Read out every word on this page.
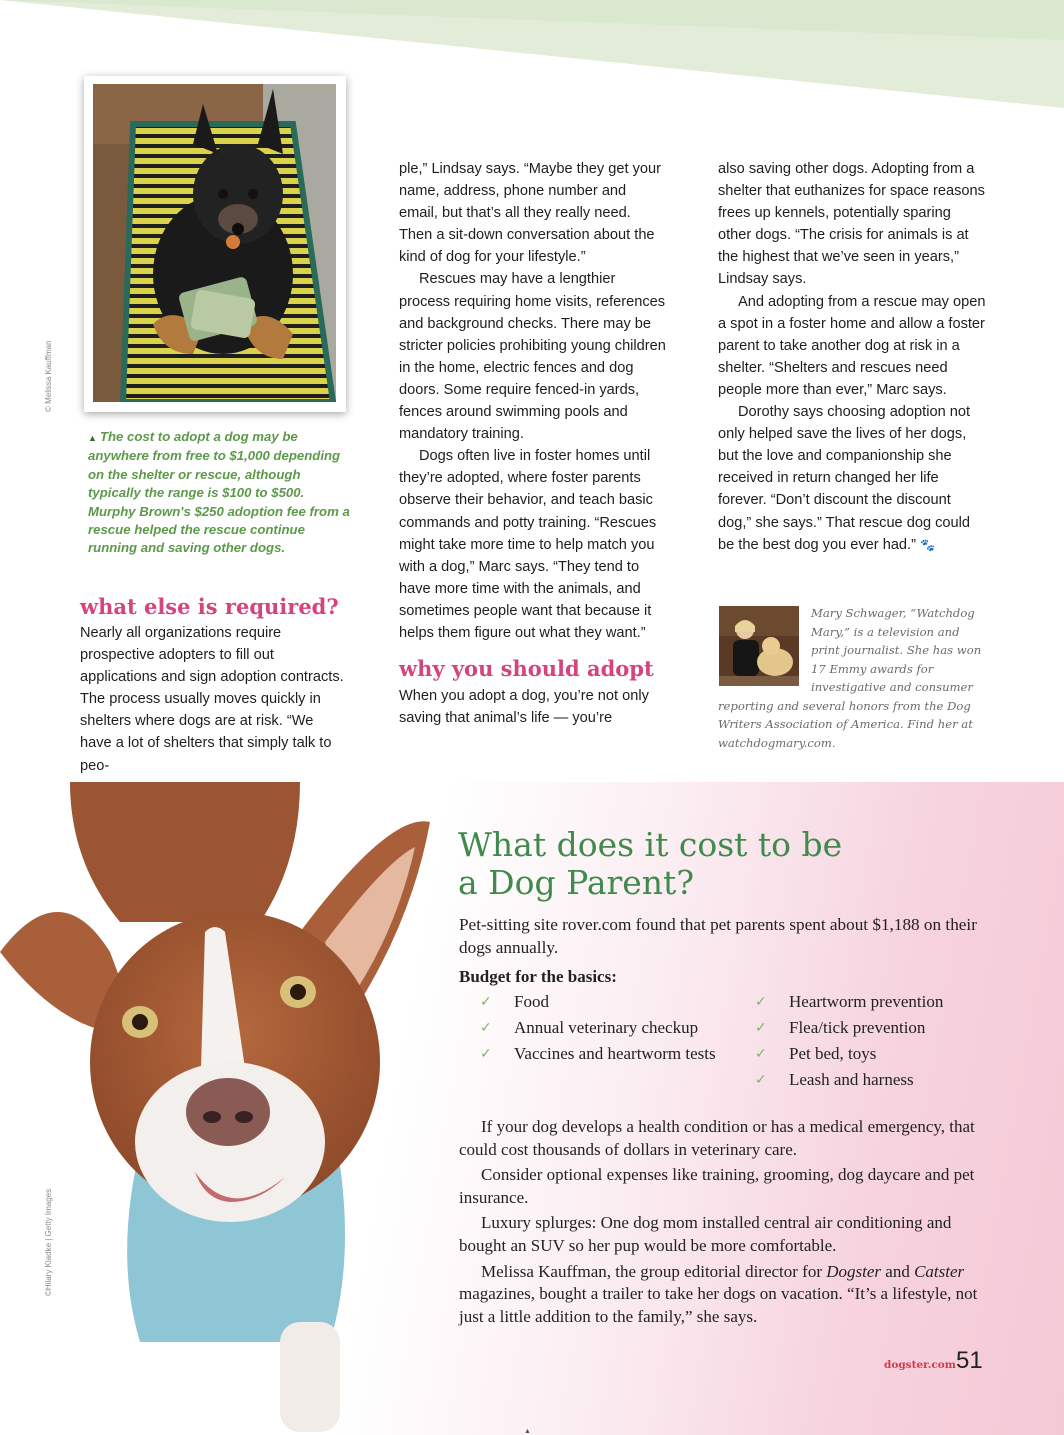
© Melissa Kauffman
▲ The cost to adopt a dog may be anywhere from free to $1,000 depending on the shelter or rescue, although typically the range is $100 to $500. Murphy Brown's $250 adoption fee from a rescue helped the rescue continue running and saving other dogs.
what else is required?

Nearly all organizations require prospective adopters to fill out applications and sign adoption contracts. The process usually moves quickly in shelters where dogs are at risk. “We have a lot of shelters that simply talk to peo-

ple,” Lindsay says. “Maybe they get your name, address, phone number and email, but that’s all they really need. Then a sit-down conversation about the kind of dog for your lifestyle.”

Rescues may have a lengthier process requiring home visits, references and background checks. There may be stricter policies prohibiting young children in the home, electric fences and dog doors. Some require fenced-in yards, fences around swimming pools and mandatory training.

Dogs often live in foster homes until they’re adopted, where foster parents observe their behavior, and teach basic commands and potty training. “Rescues might take more time to help match you with a dog,” Marc says. “They tend to have more time with the animals, and sometimes people want that because it helps them figure out what they want.”

why you should adopt

When you adopt a dog, you’re not only saving that animal’s life — you’re

also saving other dogs. Adopting from a shelter that euthanizes for space reasons frees up kennels, potentially sparing other dogs. “The crisis for animals is at the highest that we’ve seen in years,” Lindsay says.

And adopting from a rescue may open a spot in a foster home and allow a foster parent to take another dog at risk in a shelter. “Shelters and rescues need people more than ever,” Marc says.

Dorothy says choosing adoption not only helped save the lives of her dogs, but the love and companionship she received in return changed her life forever. “Don’t discount the discount dog,” she says.” That rescue dog could be the best dog you ever had.” 🐾

Mary Schwager, “Watchdog Mary,” is a television and print journalist. She has won 17 Emmy awards for investigative and consumer reporting and several honors from the Dog Writers Association of America. Find her at watchdogmary.com.
©Hilary Kladke | Getty Images
What does it cost to be
a Dog Parent?
Pet-sitting site rover.com found that pet parents spent about $1,188 on their dogs annually.
Budget for the basics:
✓ Food
✓ Annual veterinary checkup
✓ Vaccines and heartworm tests
✓ Heartworm prevention
✓ Flea/tick prevention
✓ Pet bed, toys
✓ Leash and harness

If your dog develops a health condition or has a medical emergency, that could cost thousands of dollars in veterinary care.

Consider optional expenses like training, grooming, dog daycare and pet insurance.

Luxury splurges: One dog mom installed central air conditioning and bought an SUV so her pup would be more comfortable.

Melissa Kauffman, the group editorial director for Dogster and Catster magazines, bought a trailer to take her dogs on vacation. “It’s a lifestyle, not just a little addition to the family,” she says.

dogster.com 51
▲
